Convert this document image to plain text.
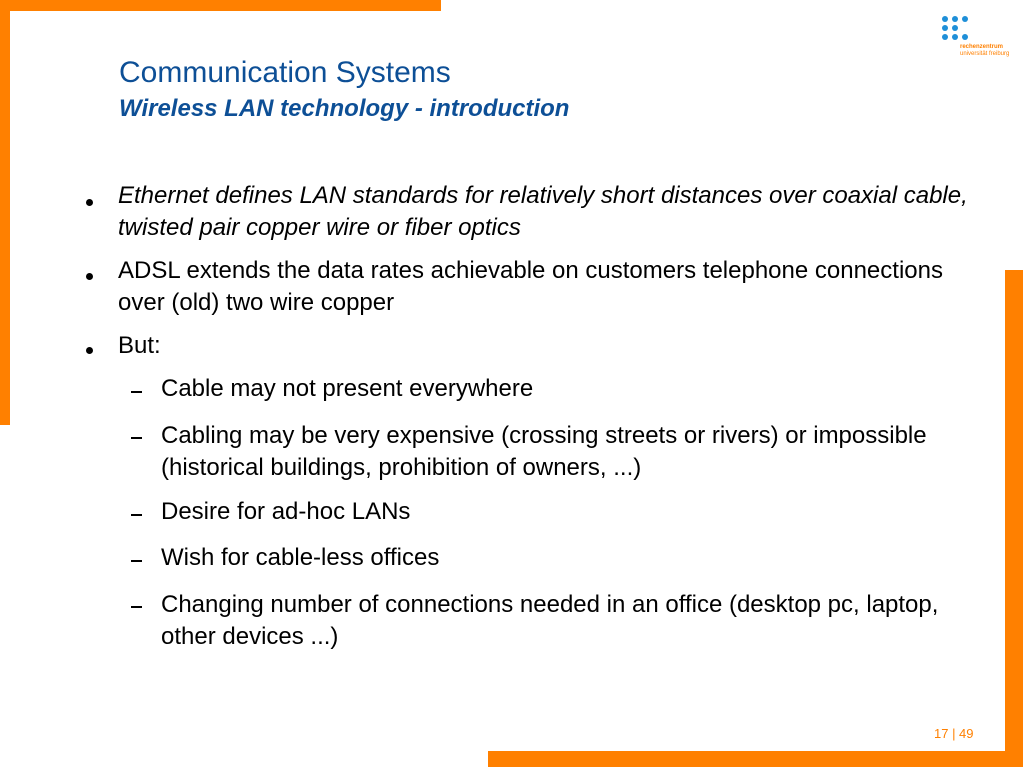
rechenzentrum
universität freiburg
Communication Systems
Wireless LAN technology - introduction
Ethernet defines LAN standards for relatively short distances over coaxial cable, twisted pair copper wire or fiber optics
ADSL extends the data rates achievable on customers telephone connections over (old) two wire copper
But:
Cable may not present everywhere
Cabling may be very expensive (crossing streets or rivers) or impossible (historical buildings, prohibition of owners, ...)
Desire for ad-hoc LANs
Wish for cable-less offices
Changing number of connections needed in an office (desktop pc, laptop, other devices ...)
17 | 49
